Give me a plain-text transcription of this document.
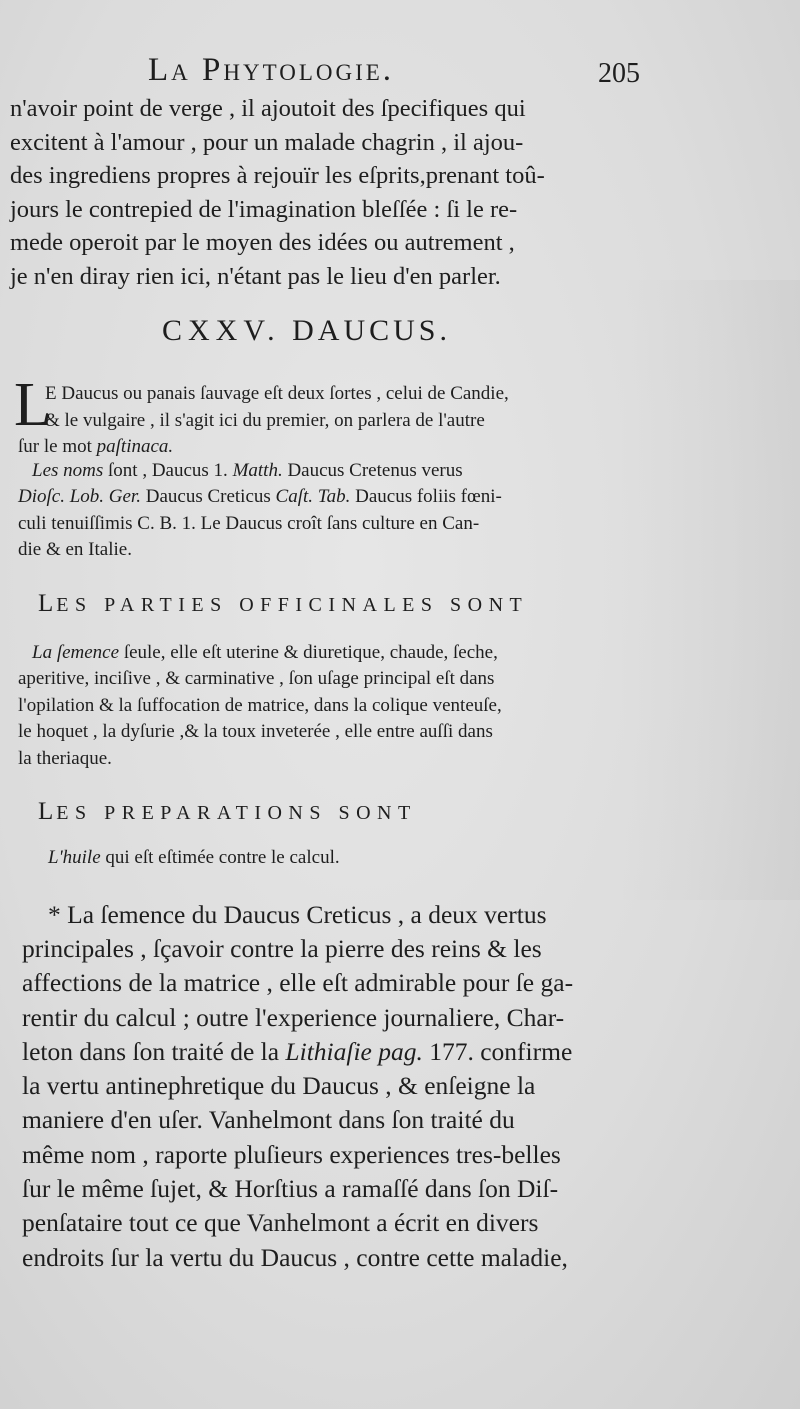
La Phytologie.	205
n'avoir point de verge , il ajoutoit des ſpecifiques qui
excitent à l'amour , pour un malade chagrin , il ajou-
des ingrediens propres à rejouïr les eſprits,prenant toû-
jours le contrepied de l'imagination bleſſée : ſi le re-
mede operoit par le moyen des idées ou autrement ,
je n'en diray rien ici, n'étant pas le lieu d'en parler.
CXXV. DAUCUS.
L
E Daucus ou panais ſauvage eſt deux ſortes , celui de Candie,
& le vulgaire , il s'agit ici du premier, on parlera de l'autre
ſur le mot paſtinaca.
Les noms ſont , Daucus 1. Matth. Daucus Cretenus verus
Dioſc. Lob. Ger. Daucus Creticus Caſt. Tab. Daucus foliis fœni-
culi tenuiſſimis C. B. 1. Le Daucus croît ſans culture en Can-
die & en Italie.
LES PARTIES OFFICINALES SONT
La ſemence ſeule, elle eſt uterine & diuretique, chaude, ſeche,
aperitive, inciſive , & carminative , ſon uſage principal eſt dans
l'opilation & la ſuffocation de matrice, dans la colique venteuſe,
le hoquet , la dyſurie ,& la toux inveterée , elle entre auſſi dans
la theriaque.
LES PREPARATIONS SONT
L'huile qui eſt eſtimée contre le calcul.
* La ſemence du Daucus Creticus , a deux vertus
principales , ſçavoir contre la pierre des reins & les
affections de la matrice , elle eſt admirable pour ſe ga-
rentir du calcul ; outre l'experience journaliere, Char-
leton dans ſon traité de la Lithiaſie pag. 177. confirme
la vertu antinephretique du Daucus , & enſeigne la
maniere d'en uſer. Vanhelmont dans ſon traité du
même nom , raporte pluſieurs experiences tres-belles
ſur le même ſujet, & Horſtius a ramaſſé dans ſon Diſ-
penſataire tout ce que Vanhelmont a écrit en divers
endroits ſur la vertu du Daucus , contre cette maladie,
